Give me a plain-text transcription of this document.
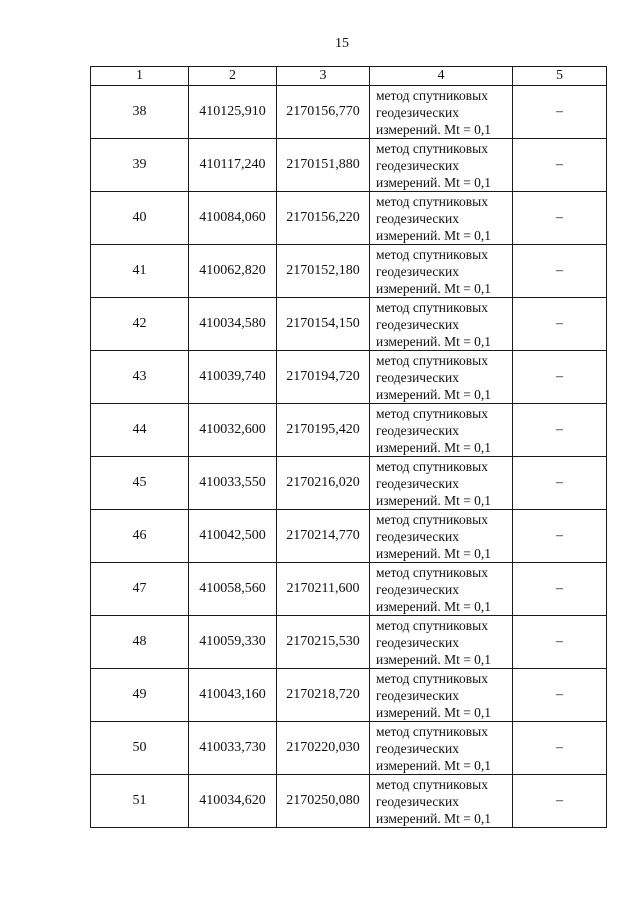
15
1	2	3	4	5
38	410125,910	2170156,770	метод спутниковых
геодезических
измерений. Mt = 0,1	–
39	410117,240	2170151,880	метод спутниковых
геодезических
измерений. Mt = 0,1	–
40	410084,060	2170156,220	метод спутниковых
геодезических
измерений. Mt = 0,1	–
41	410062,820	2170152,180	метод спутниковых
геодезических
измерений. Mt = 0,1	–
42	410034,580	2170154,150	метод спутниковых
геодезических
измерений. Mt = 0,1	–
43	410039,740	2170194,720	метод спутниковых
геодезических
измерений. Mt = 0,1	–
44	410032,600	2170195,420	метод спутниковых
геодезических
измерений. Mt = 0,1	–
45	410033,550	2170216,020	метод спутниковых
геодезических
измерений. Mt = 0,1	–
46	410042,500	2170214,770	метод спутниковых
геодезических
измерений. Mt = 0,1	–
47	410058,560	2170211,600	метод спутниковых
геодезических
измерений. Mt = 0,1	–
48	410059,330	2170215,530	метод спутниковых
геодезических
измерений. Mt = 0,1	–
49	410043,160	2170218,720	метод спутниковых
геодезических
измерений. Mt = 0,1	–
50	410033,730	2170220,030	метод спутниковых
геодезических
измерений. Mt = 0,1	–
51	410034,620	2170250,080	метод спутниковых
геодезических
измерений. Mt = 0,1	–
